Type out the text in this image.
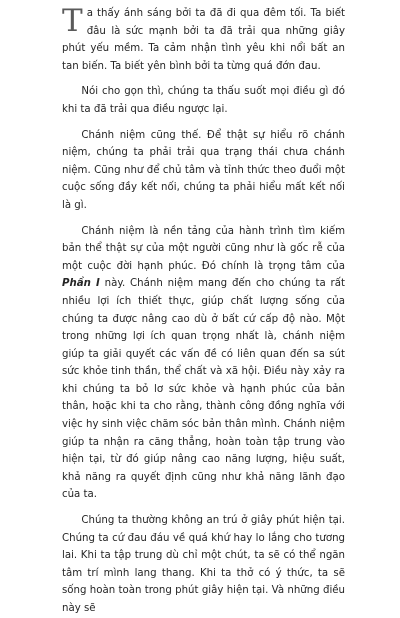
Ta thấy ánh sáng bởi ta đã đi qua đêm tối. Ta biết đâu là sức mạnh bởi ta đã trải qua những giây phút yếu mềm. Ta cảm nhận tình yêu khi nổi bất an tan biến. Ta biết yên bình bởi ta từng quá đớn đau.

Nói cho gọn thì, chúng ta thấu suốt mọi điều gì đó khi ta đã trải qua điều ngược lại.

Chánh niệm cũng thế. Để thật sự hiểu rõ chánh niệm, chúng ta phải trải qua trạng thái chưa chánh niệm. Cũng như để chủ tâm và tỉnh thức theo đuổi một cuộc sống đầy kết nối, chúng ta phải hiểu mất kết nối là gì.

Chánh niệm là nền tảng của hành trình tìm kiếm bản thể thật sự của một người cũng như là gốc rễ của một cuộc đời hạnh phúc. Đó chính là trọng tâm của Phần I này. Chánh niệm mang đến cho chúng ta rất nhiều lợi ích thiết thực, giúp chất lượng sống của chúng ta được nâng cao dù ở bất cứ cấp độ nào. Một trong những lợi ích quan trọng nhất là, chánh niệm giúp ta giải quyết các vấn đề có liên quan đến sa sút sức khỏe tinh thần, thể chất và xã hội. Điều này xảy ra khi chúng ta bỏ lơ sức khỏe và hạnh phúc của bản thân, hoặc khi ta cho rằng, thành công đồng nghĩa với việc hy sinh việc chăm sóc bản thân mình. Chánh niệm giúp ta nhận ra căng thẳng, hoàn toàn tập trung vào hiện tại, từ đó giúp nâng cao năng lượng, hiệu suất, khả năng ra quyết định cũng như khả năng lãnh đạo của ta.

Chúng ta thường không an trú ở giây phút hiện tại. Chúng ta cứ đau đáu về quá khứ hay lo lắng cho tương lai. Khi ta tập trung dù chỉ một chút, ta sẽ có thể ngăn tâm trí mình lang thang. Khi ta thở có ý thức, ta sẽ sống hoàn toàn trong phút giây hiện tại. Và những điều này sẽ
